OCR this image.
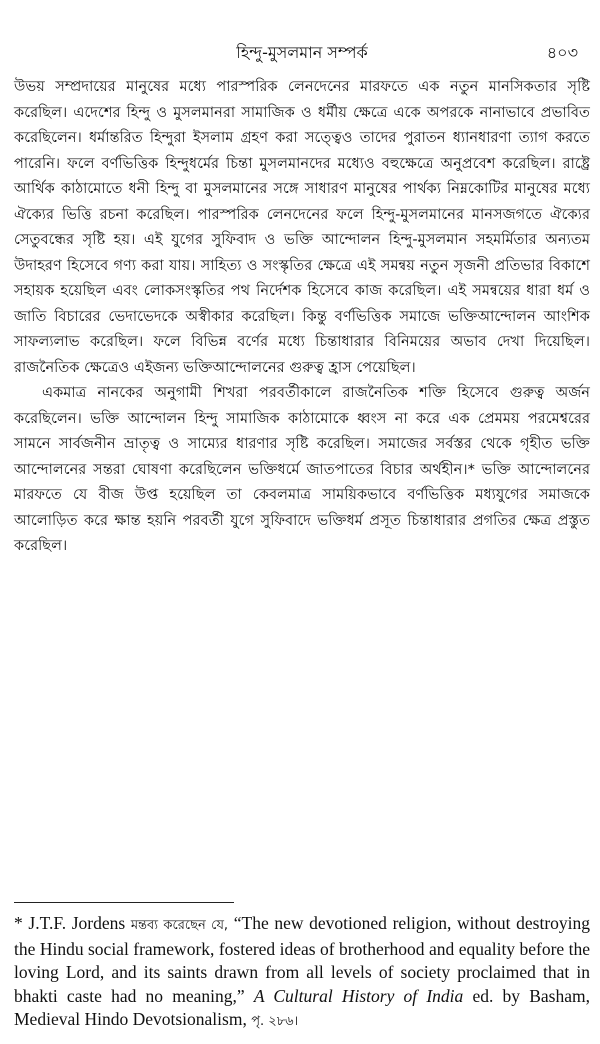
হিন্দু-মুসলমান সম্পর্ক	৪০৩

উভয় সম্প্রদায়ের মানুষের মধ্যে পারস্পরিক লেনদেনের মারফতে এক নতুন মানসিকতার সৃষ্টি করেছিল। এদেশের হিন্দু ও মুসলমানরা সামাজিক ও ধর্মীয় ক্ষেত্রে একে অপরকে নানাভাবে প্রভাবিত করেছিলেন। ধর্মান্তরিত হিন্দুরা ইসলাম গ্রহণ করা সত্ত্বেও তাদের পুরাতন ধ্যানধারণা ত্যাগ করতে পারেনি। ফলে বর্ণভিত্তিক হিন্দুধর্মের চিন্তা মুসলমানদের মধ্যেও বহুক্ষেত্রে অনুপ্রবেশ করেছিল। রাষ্ট্রে আর্থিক কাঠামোতে ধনী হিন্দু বা মুসলমানের সঙ্গে সাধারণ মানুষের পার্থক্য নিম্নকোটির মানুষের মধ্যে ঐক্যের ভিত্তি রচনা করেছিল। পারস্পরিক লেনদেনের ফলে হিন্দু-মুসলমানের মানসজগতে ঐক্যের সেতুবন্ধের সৃষ্টি হয়। এই যুগের সুফিবাদ ও ভক্তি আন্দোলন হিন্দু-মুসলমান সহমর্মিতার অন্যতম উদাহরণ হিসেবে গণ্য করা যায়। সাহিত্য ও সংস্কৃতির ক্ষেত্রে এই সমন্বয় নতুন সৃজনী প্রতিভার বিকাশে সহায়ক হয়েছিল এবং লোকসংস্কৃতির পথ নির্দেশক হিসেবে কাজ করেছিল। এই সমন্বয়ের ধারা ধর্ম ও জাতি বিচারের ভেদাভেদকে অস্বীকার করেছিল। কিন্তু বর্ণভিত্তিক সমাজে ভক্তিআন্দোলন আংশিক সাফল্যলাভ করেছিল। ফলে বিভিন্ন বর্ণের মধ্যে চিন্তাধারার বিনিময়ের অভাব দেখা দিয়েছিল। রাজনৈতিক ক্ষেত্রেও এইজন্য ভক্তিআন্দোলনের গুরুত্ব হ্রাস পেয়েছিল।

একমাত্র নানকের অনুগামী শিখরা পরবর্তীকালে রাজনৈতিক শক্তি হিসেবে গুরুত্ব অর্জন করেছিলেন। ভক্তি আন্দোলন হিন্দু সামাজিক কাঠামোকে ধ্বংস না করে এক প্রেমময় পরমেশ্বরের সামনে সার্বজনীন ভ্রাতৃত্ব ও সাম্যের ধারণার সৃষ্টি করেছিল। সমাজের সর্বস্তর থেকে গৃহীত ভক্তি আন্দোলনের সন্তরা ঘোষণা করেছিলেন ভক্তিধর্মে জাতপাতের বিচার অর্থহীন।* ভক্তি আন্দোলনের মারফতে যে বীজ উপ্ত হয়েছিল তা কেবলমাত্র সাময়িকভাবে বর্ণভিত্তিক মধ্যযুগের সমাজকে আলোড়িত করে ক্ষান্ত হয়নি পরবর্তী যুগে সুফিবাদে ভক্তিধর্ম প্রসূত চিন্তাধারার প্রগতির ক্ষেত্র প্রস্তুত করেছিল।

* J.T.F. Jordens মন্তব্য করেছেন যে, “The new devotioned religion, without destroying the Hindu social framework, fostered ideas of brotherhood and equality before the loving Lord, and its saints drawn from all levels of society proclaimed that in bhakti caste had no meaning,” A Cultural History of India ed. by Basham, Medieval Hindo Devotsionalism, পৃ. ২৮৬।
